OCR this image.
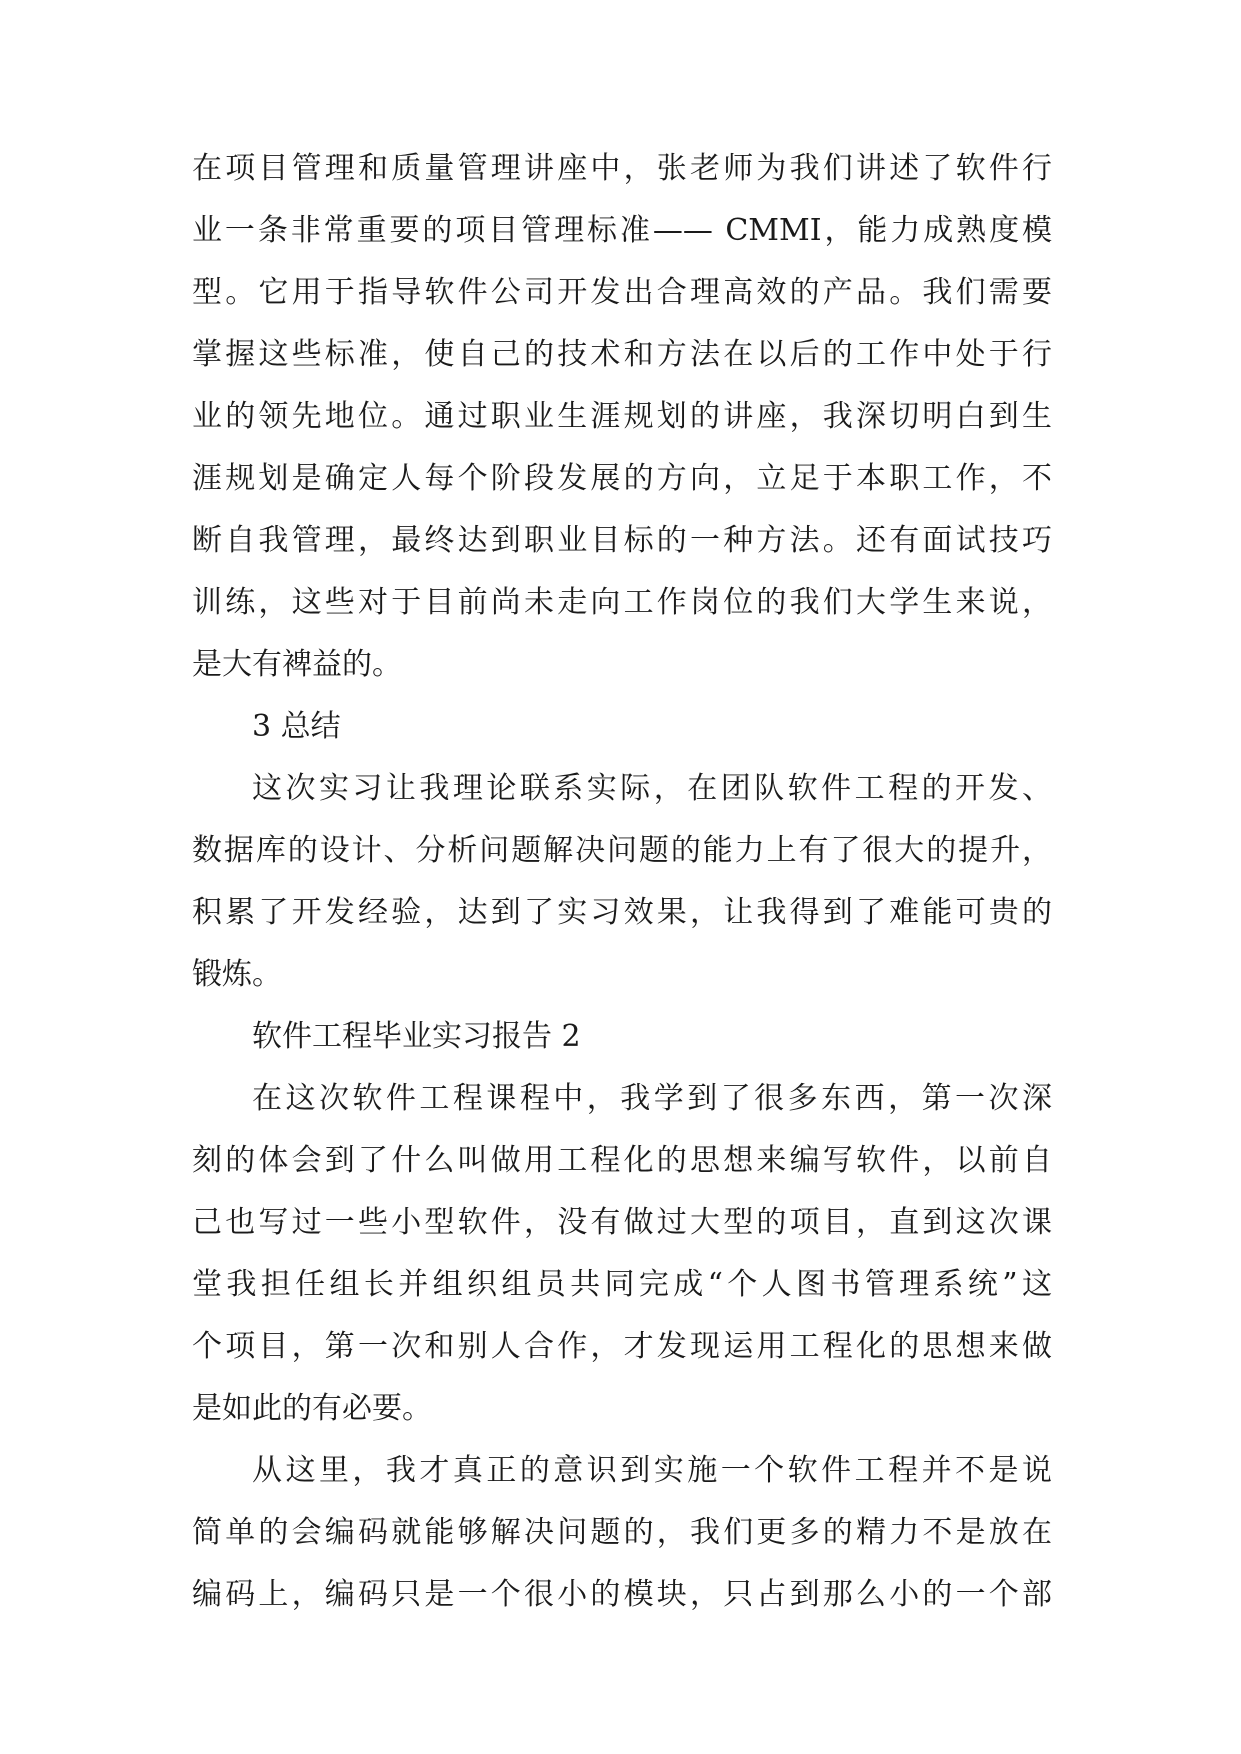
在项目管理和质量管理讲座中，张老师为我们讲述了软件行
业一条非常重要的项目管理标准—— CMMI，能力成熟度模
型。它用于指导软件公司开发出合理高效的产品。我们需要
掌握这些标准，使自己的技术和方法在以后的工作中处于行
业的领先地位。通过职业生涯规划的讲座，我深切明白到生
涯规划是确定人每个阶段发展的方向，立足于本职工作，不
断自我管理，最终达到职业目标的一种方法。还有面试技巧
训练，这些对于目前尚未走向工作岗位的我们大学生来说，
是大有裨益的。

3 总结

这次实习让我理论联系实际，在团队软件工程的开发、
数据库的设计、分析问题解决问题的能力上有了很大的提升，
积累了开发经验，达到了实习效果，让我得到了难能可贵的
锻炼。

软件工程毕业实习报告 2

在这次软件工程课程中，我学到了很多东西，第一次深
刻的体会到了什么叫做用工程化的思想来编写软件，以前自
己也写过一些小型软件，没有做过大型的项目，直到这次课
堂我担任组长并组织组员共同完成“个人图书管理系统”这
个项目，第一次和别人合作，才发现运用工程化的思想来做
是如此的有必要。
从这里，我才真正的意识到实施一个软件工程并不是说
简单的会编码就能够解决问题的，我们更多的精力不是放在
编码上，编码只是一个很小的模块，只占到那么小的一个部
